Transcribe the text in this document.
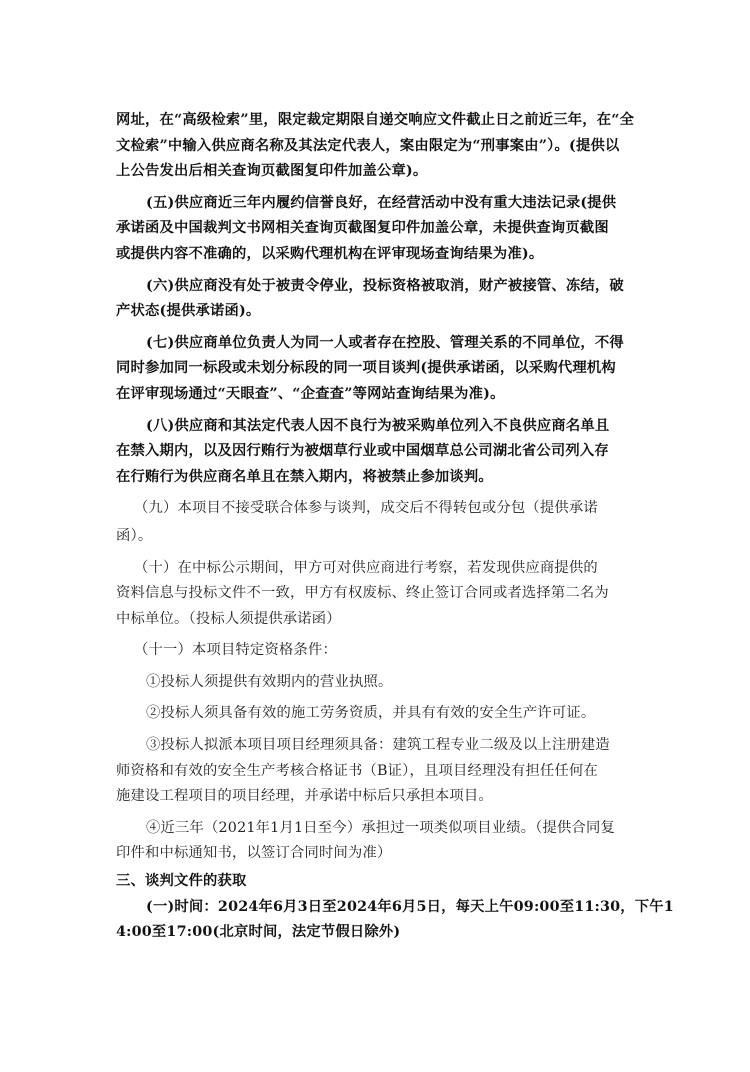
网址，在“高级检索”里，限定裁定期限自递交响应文件截止日之前近三年，在“全
文检索”中输入供应商名称及其法定代表人，案由限定为“刑事案由”）。(提供以
上公告发出后相关查询页截图复印件加盖公章)。
(五)供应商近三年内履约信誉良好，在经营活动中没有重大违法记录(提供
承诺函及中国裁判文书网相关查询页截图复印件加盖公章，未提供查询页截图
或提供内容不准确的，以采购代理机构在评审现场查询结果为准)。
(六)供应商没有处于被责令停业，投标资格被取消，财产被接管、冻结，破
产状态(提供承诺函)。
(七)供应商单位负责人为同一人或者存在控股、管理关系的不同单位，不得
同时参加同一标段或未划分标段的同一项目谈判(提供承诺函，以采购代理机构
在评审现场通过“天眼查”、“企查查”等网站查询结果为准)。
(八)供应商和其法定代表人因不良行为被采购单位列入不良供应商名单且
在禁入期内，以及因行贿行为被烟草行业或中国烟草总公司湖北省公司列入存
在行贿行为供应商名单且在禁入期内，将被禁止参加谈判。
（九）本项目不接受联合体参与谈判，成交后不得转包或分包（提供承诺
函）。
（十）在中标公示期间，甲方可对供应商进行考察，若发现供应商提供的
资料信息与投标文件不一致，甲方有权废标、终止签订合同或者选择第二名为
中标单位。（投标人须提供承诺函）
（十一）本项目特定资格条件：
①投标人须提供有效期内的营业执照。
②投标人须具备有效的施工劳务资质，并具有有效的安全生产许可证。
③投标人拟派本项目项目经理须具备：建筑工程专业二级及以上注册建造
师资格和有效的安全生产考核合格证书（B证），且项目经理没有担任任何在
施建设工程项目的项目经理，并承诺中标后只承担本项目。
④近三年（2021年1月1日至今）承担过一项类似项目业绩。（提供合同复
印件和中标通知书，以签订合同时间为准）
三、谈判文件的获取
(一)时间：2024年6月3日至2024年6月5日，每天上午09:00至11:30，下午1
4:00至17:00(北京时间，法定节假日除外)
